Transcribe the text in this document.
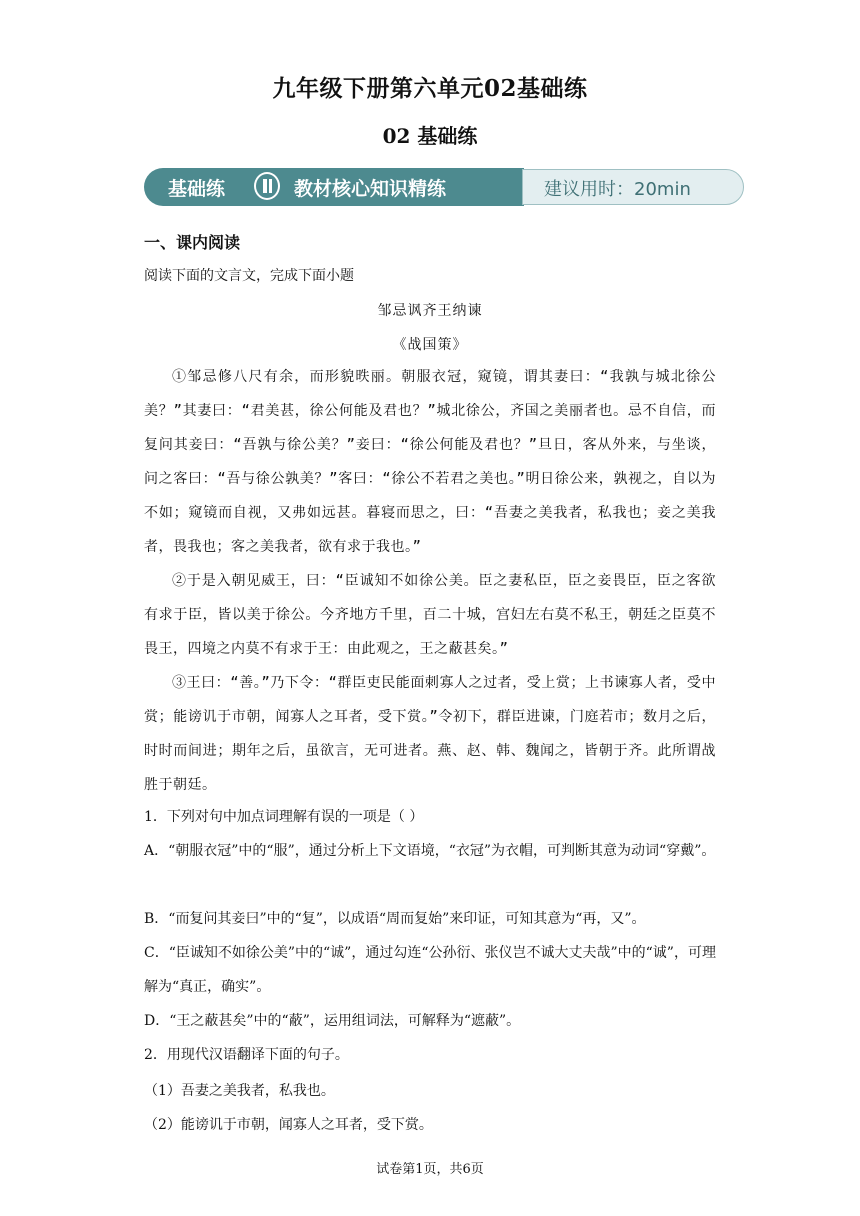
九年级下册第六单元02基础练
02 基础练
基础练	教材核心知识精练	建议用时：20min
一、课内阅读
阅读下面的文言文，完成下面小题
邹忌讽齐王纳谏
《战国策》
①邹忌修八尺有余，而形貌昳丽。朝服衣冠，窥镜，谓其妻曰：“我孰与城北徐公美？”其妻曰：“君美甚，徐公何能及君也？”城北徐公，齐国之美丽者也。忌不自信，而复问其妾曰：“吾孰与徐公美？”妾曰：“徐公何能及君也？”旦日，客从外来，与坐谈，问之客曰：“吾与徐公孰美？”客曰：“徐公不若君之美也。”明日徐公来，孰视之，自以为不如；窥镜而自视，又弗如远甚。暮寝而思之，曰：“吾妻之美我者，私我也；妾之美我者，畏我也；客之美我者，欲有求于我也。”
②于是入朝见威王，曰：“臣诚知不如徐公美。臣之妻私臣，臣之妾畏臣，臣之客欲有求于臣，皆以美于徐公。今齐地方千里，百二十城，宫妇左右莫不私王，朝廷之臣莫不畏王，四境之内莫不有求于王：由此观之，王之蔽甚矣。”
③王曰：“善。”乃下令：“群臣吏民能面刺寡人之过者，受上赏；上书谏寡人者，受中赏；能谤讥于市朝，闻寡人之耳者，受下赏。”令初下，群臣进谏，门庭若市；数月之后，时时而间进；期年之后，虽欲言，无可进者。燕、赵、韩、魏闻之，皆朝于齐。此所谓战胜于朝廷。
1．下列对句中加点词理解有误的一项是（ ）
A．“朝服衣冠”中的“服”，通过分析上下文语境，“衣冠”为衣帽，可判断其意为动词“穿戴”。
B．“而复问其妾曰”中的“复”，以成语“周而复始”来印证，可知其意为“再，又”。
C．“臣诚知不如徐公美”中的“诚”，通过勾连“公孙衍、张仪岂不诚大丈夫哉”中的“诚”，可理解为“真正，确实”。
D．“王之蔽甚矣”中的“蔽”，运用组词法，可解释为“遮蔽”。
2．用现代汉语翻译下面的句子。
（1）吾妻之美我者，私我也。
（2）能谤讥于市朝，闻寡人之耳者，受下赏。
试卷第1页，共6页
